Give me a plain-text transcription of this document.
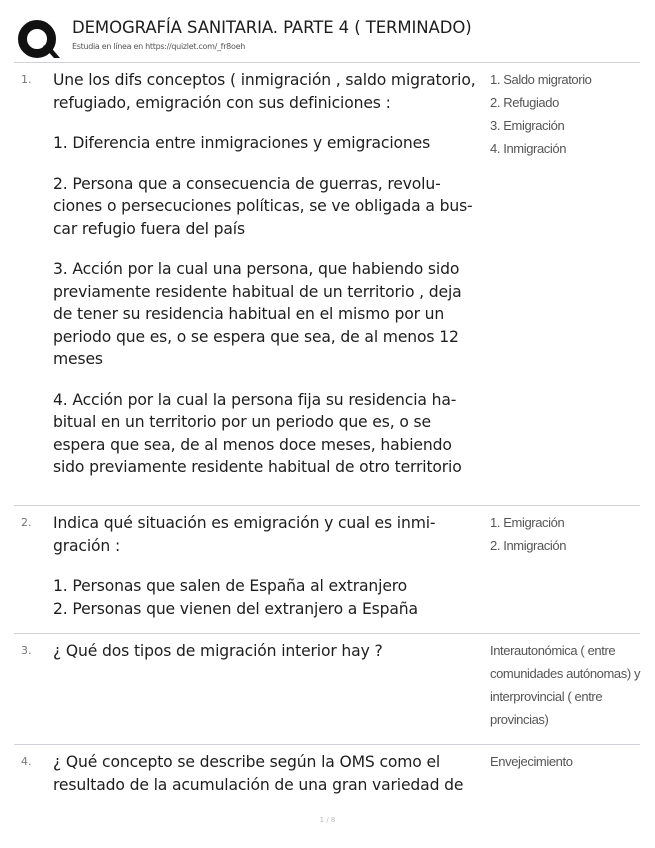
DEMOGRAFÍA SANITARIA. PARTE 4 ( TERMINADO)
Estudia en línea en https://quizlet.com/_fr8oeh
1. Une los difs conceptos ( inmigración , saldo migratorio, refugiado, emigración con sus definiciones :

1. Diferencia entre inmigraciones y emigraciones

2. Persona que a consecuencia de guerras, revolu-ciones o persecuciones políticas, se ve obligada a bus-car refugio fuera del país

3. Acción por la cual una persona, que habiendo sido previamente residente habitual de un territorio , deja de tener su residencia habitual en el mismo por un periodo que es, o se espera que sea, de al menos 12 meses

4. Acción por la cual la persona fija su residencia ha-bitual en un territorio por un periodo que es, o se espera que sea, de al menos doce meses, habiendo sido previamente residente habitual de otro territorio

1. Saldo migratorio

2. Refugiado

3. Emigración

4. Inmigración

2. Indica qué situación es emigración y cual es inmi-gración :

1. Personas que salen de España al extranjero

2. Personas que vienen del extranjero a España

1. Emigración

2. Inmigración

3. ¿ Qué dos tipos de migración interior hay ?	Interautonómica ( entre comunidades autónomas) y interprovincial ( entre provincias)

4. ¿ Qué concepto se describe según la OMS como el resultado de la acumulación de una gran variedad de

Envejecimiento

1 / 8
